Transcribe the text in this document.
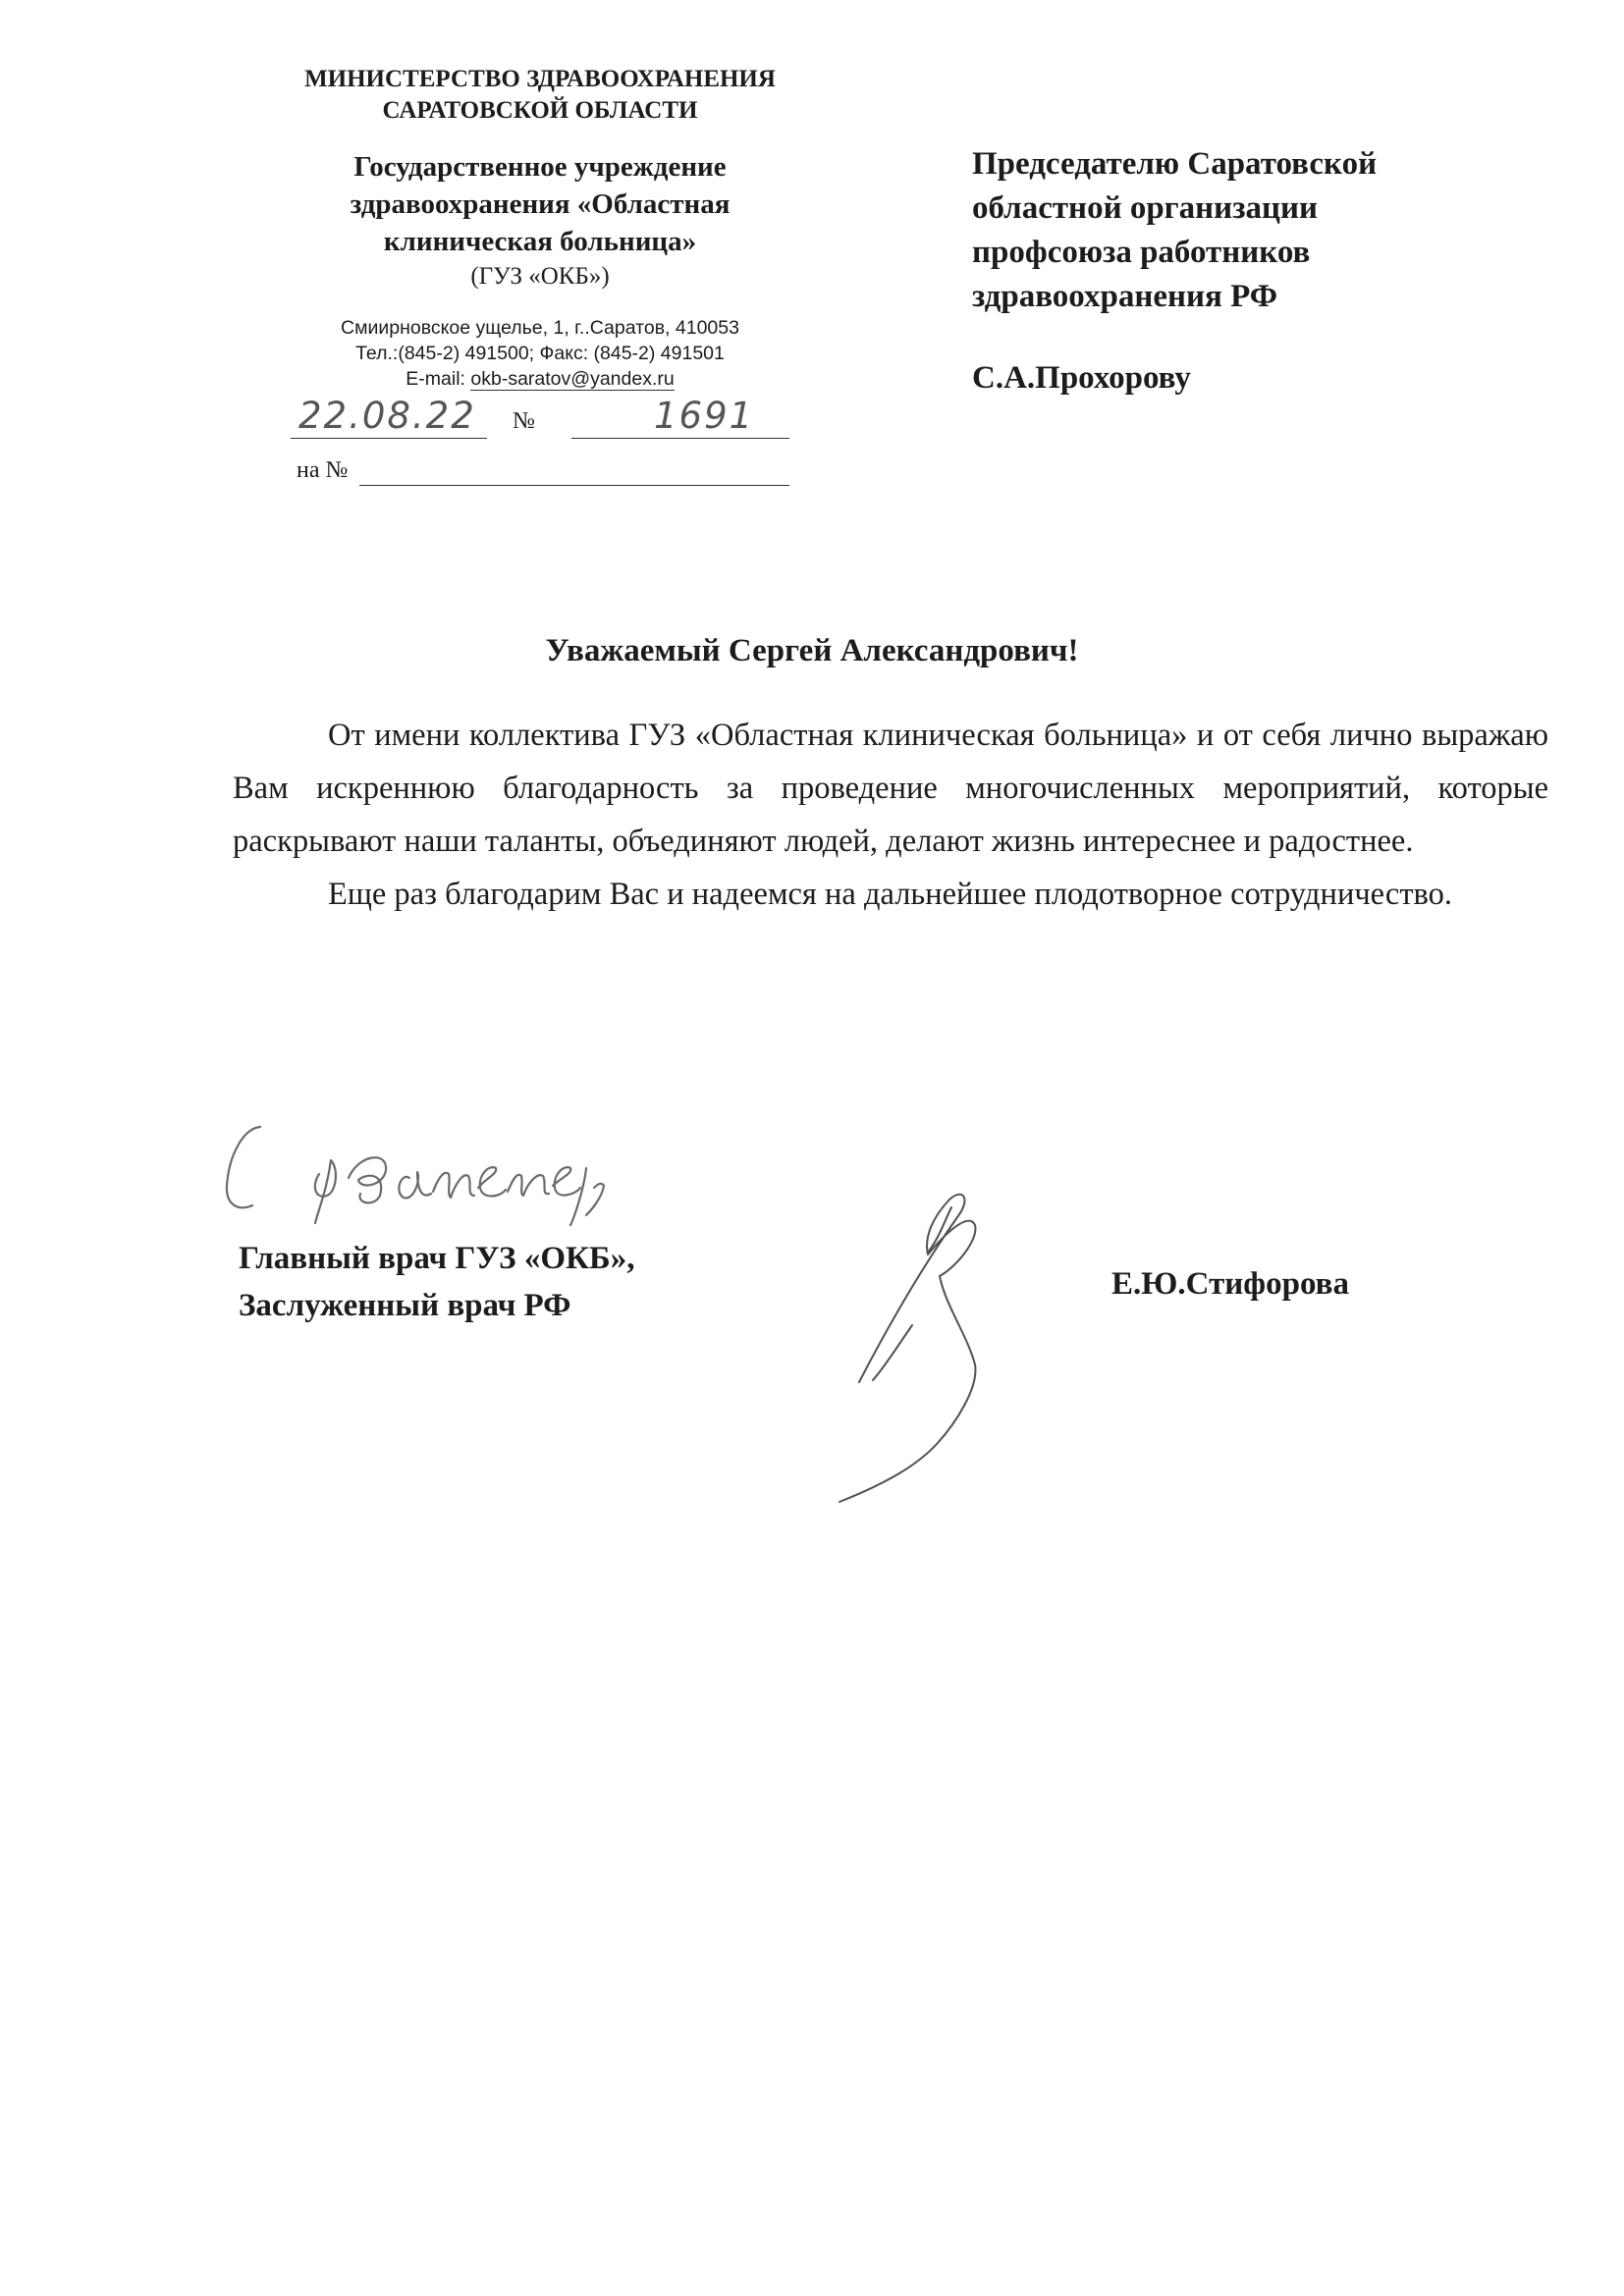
МИНИСТЕРСТВО ЗДРАВООХРАНЕНИЯ
САРАТОВСКОЙ ОБЛАСТИ
Государственное учреждение
здравоохранения «Областная
клиническая больница»
(ГУЗ «ОКБ»)
Смиирновское ущелье, 1, г..Саратов, 410053
Тел.:(845-2) 491500; Факс: (845-2) 491501
E-mail: okb-saratov@yandex.ru
22.08.22 №	1691
на №
Председателю Саратовской
областной организации
профсоюза работников
здравоохранения РФ
С.А.Прохорову
Уважаемый Сергей Александрович!

От имени коллектива ГУЗ «Областная клиническая больница» и от себя лично выражаю Вам искреннюю благодарность за проведение многочисленных мероприятий, которые раскрывают наши таланты, объединяют людей, делают жизнь интереснее и радостнее.

Еще раз благодарим Вас и надеемся на дальнейшее плодотворное сотрудничество.

Главный врач ГУЗ «ОКБ»,
Заслуженный врач РФ
Е.Ю.Стифорова
